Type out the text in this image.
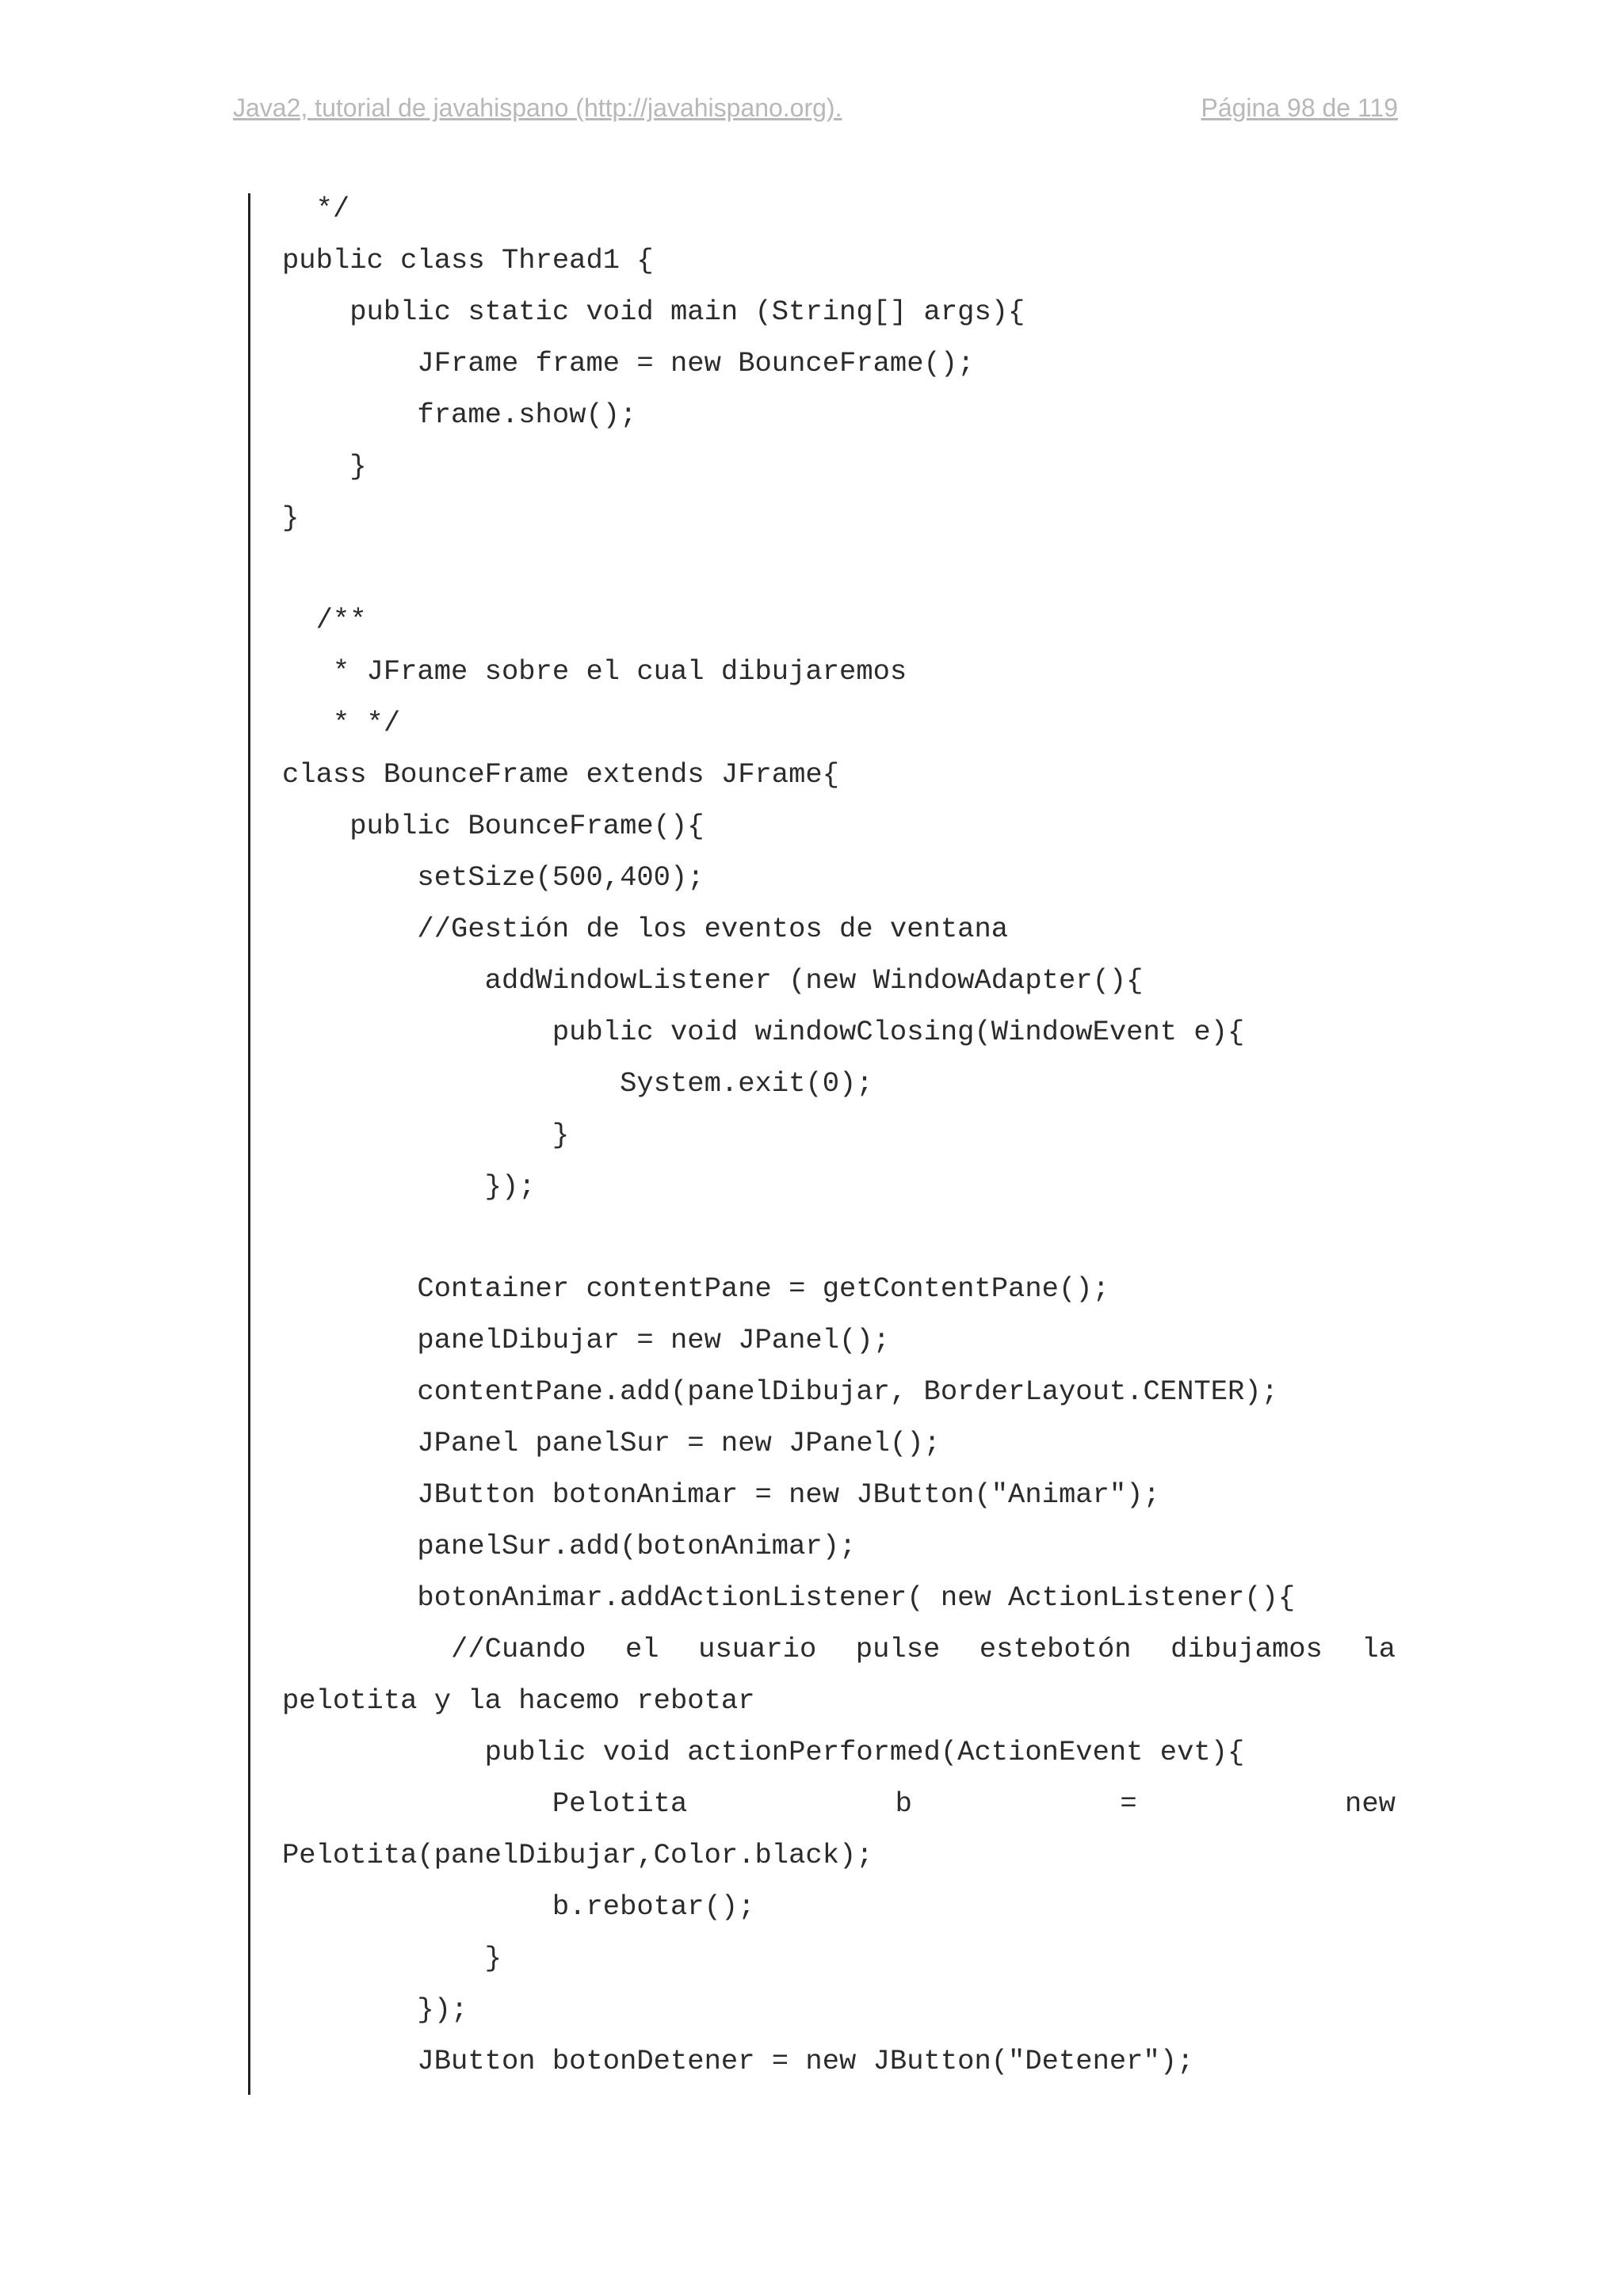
Java2, tutorial de javahispano (http://javahispano.org).	Página 98 de 119
*/
public class Thread1 {
public static void main (String[] args){
JFrame frame = new BounceFrame();
frame.show();
}
}
/**
* JFrame sobre el cual dibujaremos
* */
class BounceFrame extends JFrame{
public BounceFrame(){
setSize(500,400);
//Gestión de los eventos de ventana
addWindowListener (new WindowAdapter(){
public void windowClosing(WindowEvent e){
System.exit(0);
}
});
Container contentPane = getContentPane();
panelDibujar = new JPanel();
contentPane.add(panelDibujar, BorderLayout.CENTER);
JPanel panelSur = new JPanel();
JButton botonAnimar = new JButton("Animar");
panelSur.add(botonAnimar);
botonAnimar.addActionListener( new ActionListener(){
//Cuando el usuario pulse estebotón dibujamos la
pelotita y la hacemo rebotar
public void actionPerformed(ActionEvent evt){
Pelotita	b	=	new
Pelotita(panelDibujar,Color.black);
b.rebotar();
}
});
JButton botonDetener = new JButton("Detener");
